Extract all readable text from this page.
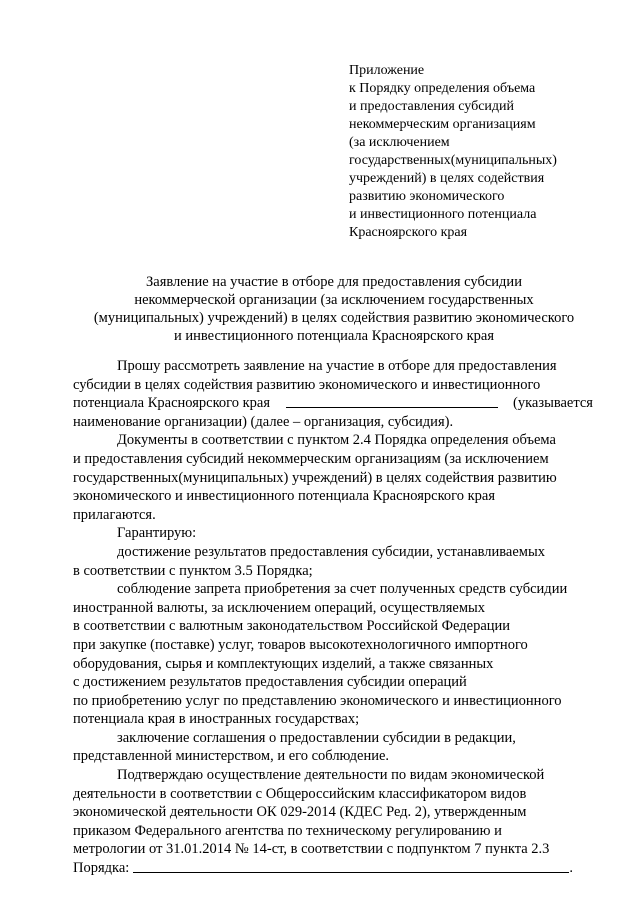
Приложение
к Порядку определения объема
и предоставления субсидий
некоммерческим организациям
(за исключением
государственных(муниципальных)
учреждений) в целях содействия
развитию экономического
и инвестиционного потенциала
Красноярского края
Заявление на участие в отборе для предоставления субсидии
некоммерческой организации (за исключением государственных
(муниципальных) учреждений) в целях содействия развитию экономического
и инвестиционного потенциала Красноярского края
Прошу рассмотреть заявление на участие в отборе для предоставления
субсидии в целях содействия развитию экономического и инвестиционного
потенциала Красноярского края	(указывается
наименование организации) (далее – организация, субсидия).
Документы в соответствии с пунктом 2.4 Порядка определения объема
и предоставления субсидий некоммерческим организациям (за исключением
государственных(муниципальных) учреждений) в целях содействия развитию
экономического и инвестиционного потенциала Красноярского края
прилагаются.
Гарантирую:
достижение результатов предоставления субсидии, устанавливаемых
в соответствии с пунктом 3.5 Порядка;
соблюдение запрета приобретения за счет полученных средств субсидии
иностранной валюты, за исключением операций, осуществляемых
в соответствии с валютным законодательством Российской Федерации
при закупке (поставке) услуг, товаров высокотехнологичного импортного
оборудования, сырья и комплектующих изделий, а также связанных
с достижением результатов предоставления субсидии операций
по приобретению услуг по представлению экономического и инвестиционного
потенциала края в иностранных государствах;
заключение соглашения о предоставлении субсидии в редакции,
представленной министерством, и его соблюдение.
Подтверждаю осуществление деятельности по видам экономической
деятельности в соответствии с Общероссийским классификатором видов
экономической деятельности ОК 029-2014 (КДЕС Ред. 2), утвержденным
приказом Федерального агентства по техническому регулированию и
метрологии от 31.01.2014 № 14-ст, в соответствии с подпунктом 7 пункта 2.3
Порядка:	.
